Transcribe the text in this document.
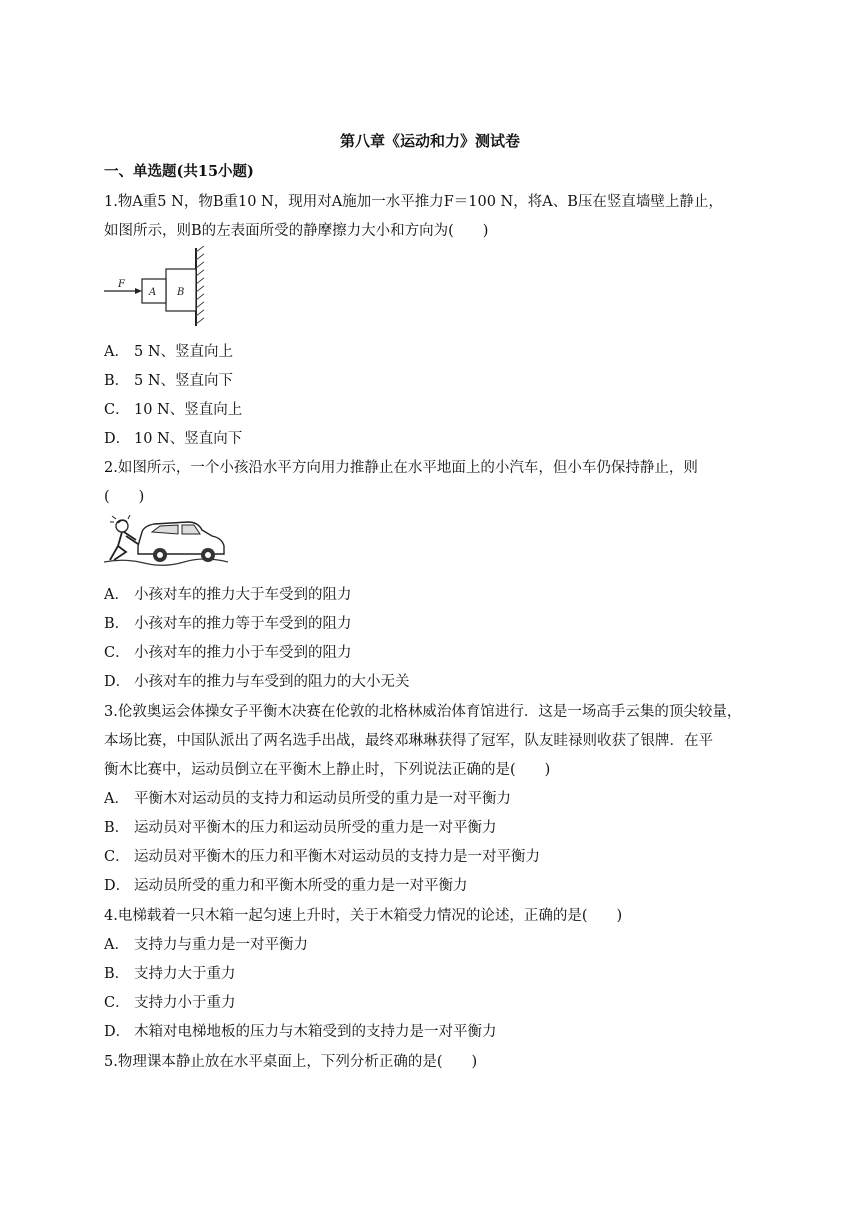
第八章《运动和力》测试卷
一、单选题(共15小题)
1.物A重5 N，物B重10 N，现用对A施加一水平推力F＝100 N，将A、B压在竖直墙壁上静止，
如图所示，则B的左表面所受的静摩擦力大小和方向为(　　)
F
A B
A． 5 N、竖直向上
B． 5 N、竖直向下
C． 10 N、竖直向上
D． 10 N、竖直向下
2.如图所示，一个小孩沿水平方向用力推静止在水平地面上的小汽车，但小车仍保持静止，则
(　　)
A． 小孩对车的推力大于车受到的阻力
B． 小孩对车的推力等于车受到的阻力
C． 小孩对车的推力小于车受到的阻力
D． 小孩对车的推力与车受到的阻力的大小无关
3.伦敦奥运会体操女子平衡木决赛在伦敦的北格林威治体育馆进行．这是一场高手云集的顶尖较量，
本场比赛，中国队派出了两名选手出战，最终邓琳琳获得了冠军，队友眭禄则收获了银牌．在平
衡木比赛中，运动员倒立在平衡木上静止时，下列说法正确的是(　　)
A． 平衡木对运动员的支持力和运动员所受的重力是一对平衡力
B． 运动员对平衡木的压力和运动员所受的重力是一对平衡力
C． 运动员对平衡木的压力和平衡木对运动员的支持力是一对平衡力
D． 运动员所受的重力和平衡木所受的重力是一对平衡力
4.电梯载着一只木箱一起匀速上升时，关于木箱受力情况的论述，正确的是(　　)
A． 支持力与重力是一对平衡力
B． 支持力大于重力
C． 支持力小于重力
D． 木箱对电梯地板的压力与木箱受到的支持力是一对平衡力
5.物理课本静止放在水平桌面上，下列分析正确的是(　　)
